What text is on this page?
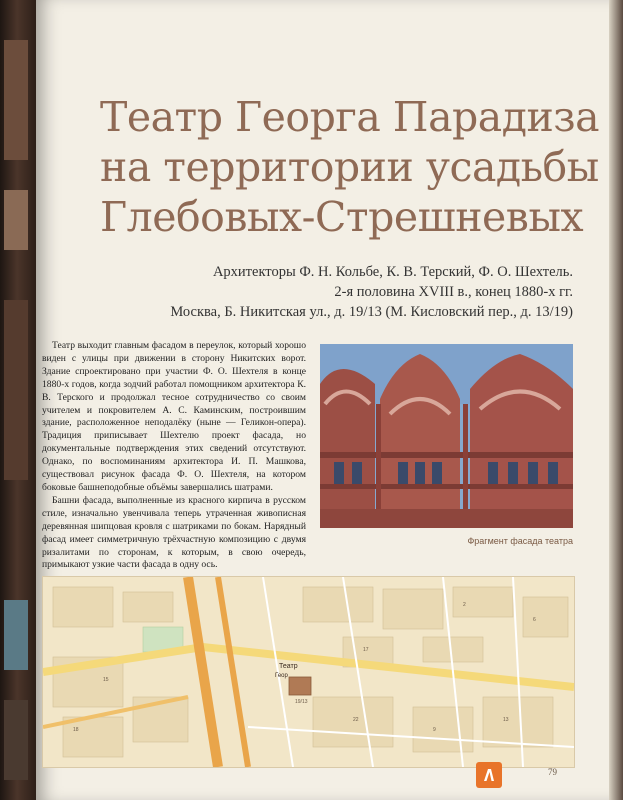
Театр Георга Парадиза
на территории усадьбы
Глебовых-Стрешневых
Архитекторы Ф. Н. Кольбе, К. В. Терский, Ф. О. Шехтель.
2-я половина XVIII в., конец 1880-х гг.
Москва, Б. Никитская ул., д. 19/13 (М. Кисловский пер., д. 13/19)

Театр выходит главным фасадом в переулок, который хорошо виден с улицы при движении в сторону Никитских ворот. Здание спроектировано при участии Ф. О. Шехтеля в конце 1880-х годов, когда зодчий работал помощником архитектора К. В. Терского и продолжал тесное сотрудничество со своим учителем и покровителем А. С. Каминским, построившим здание, расположенное неподалёку (ныне — Геликон-опера). Традиция приписывает Шехтелю проект фасада, но документальные подтверждения этих сведений отсутствуют. Однако, по воспоминаниям архитектора И. П. Машкова, существовал рисунок фасада Ф. О. Шехтеля, на котором боковые башнеподобные объёмы завершались шатрами.

Башни фасада, выполненные из красного кирпича в русском стиле, изначально увенчивала теперь утраченная живописная деревянная шипцовая кровля с шатриками по бокам. Нарядный фасад имеет симметричную трёхчастную композицию с двумя ризалитами по сторонам, к которым, в свою очередь, примыкают узкие части фасада в одну ось.

Фрагмент фасада театра
Театр
Геор
19/13
15
18
22
9
17
2
6
13
79
